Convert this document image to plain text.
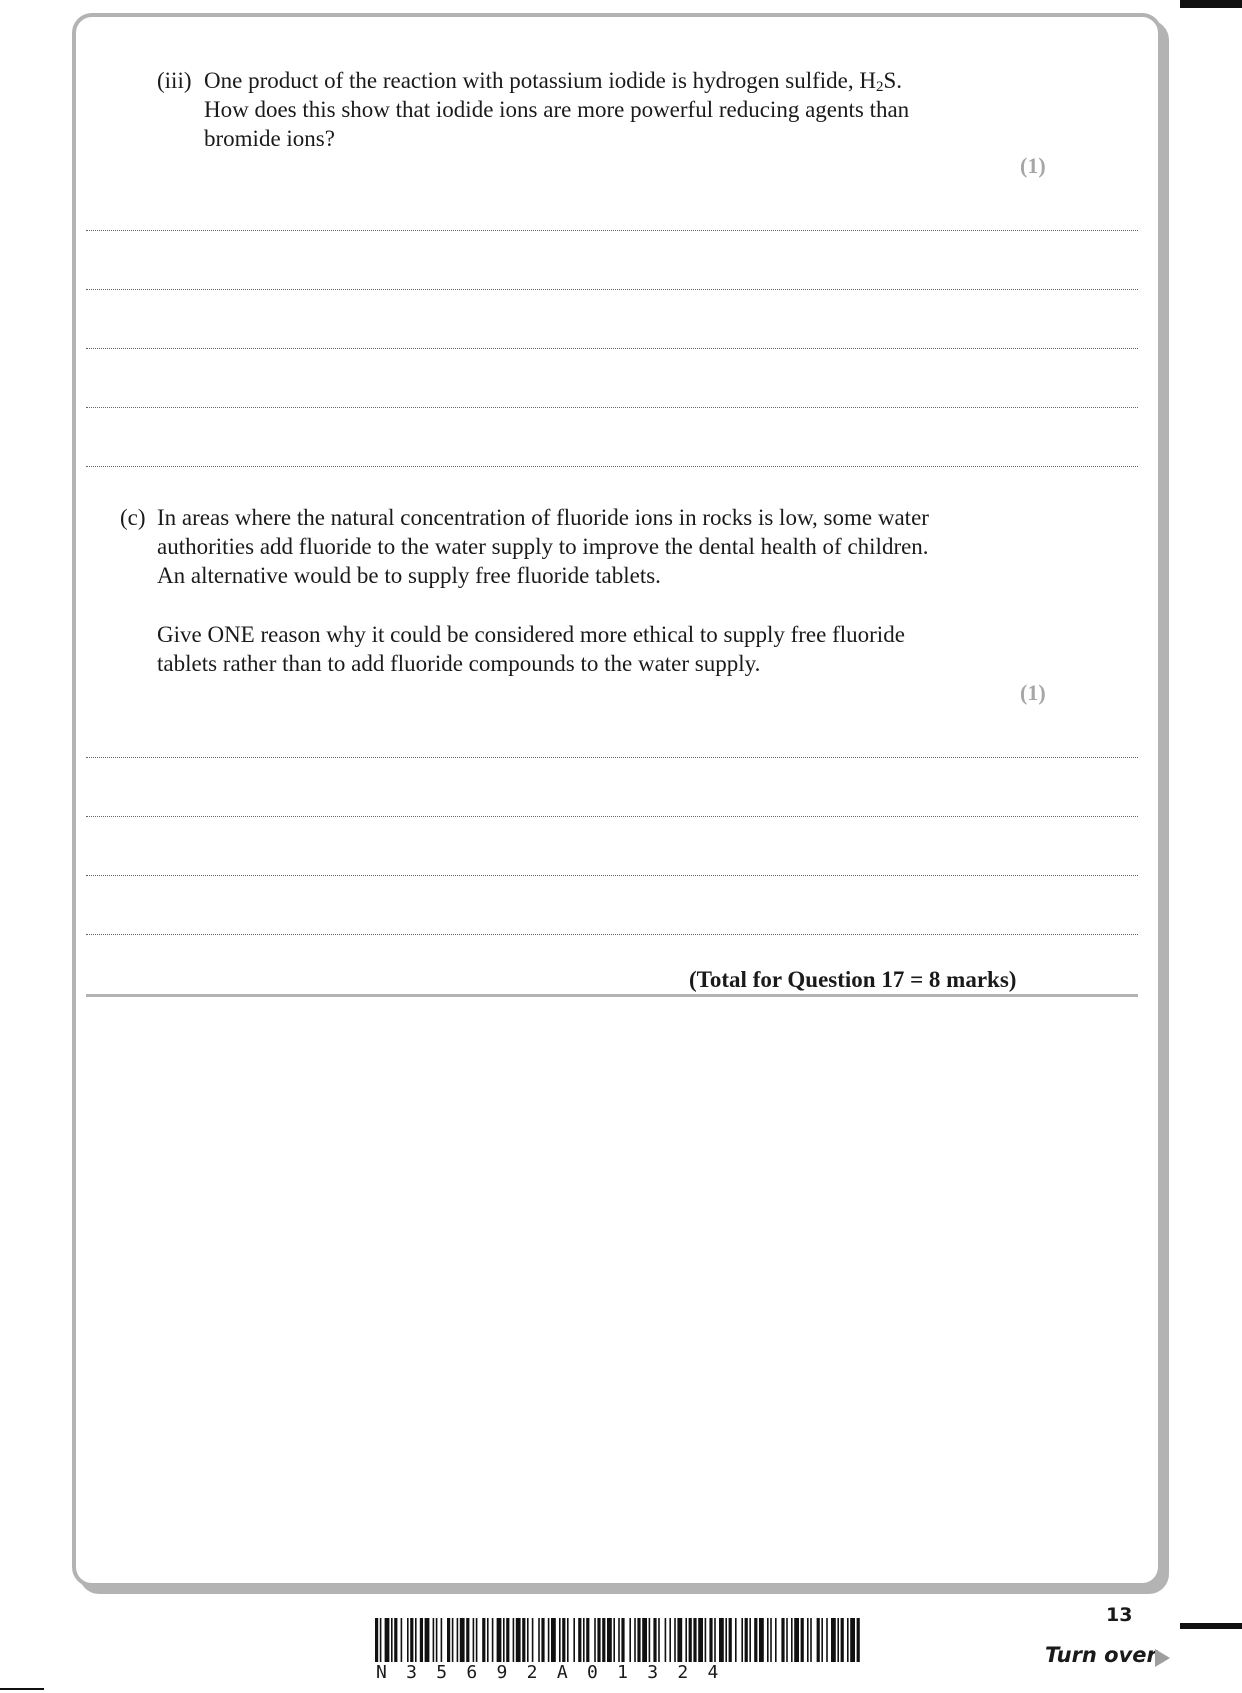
(iii) One product of the reaction with potassium iodide is hydrogen sulfide, $H_2S$.
How does this show that iodide ions are more powerful reducing agents than
bromide ions?
(1)
(c) In areas where the natural concentration of fluoride ions in rocks is low, some water
authorities add fluoride to the water supply to improve the dental health of children.
An alternative would be to supply free fluoride tablets.
Give ONE reason why it could be considered more ethical to supply free fluoride
tablets rather than to add fluoride compounds to the water supply.
(1)
(Total for Question 17 = 8 marks)
13
N35692A01324
Turn over
